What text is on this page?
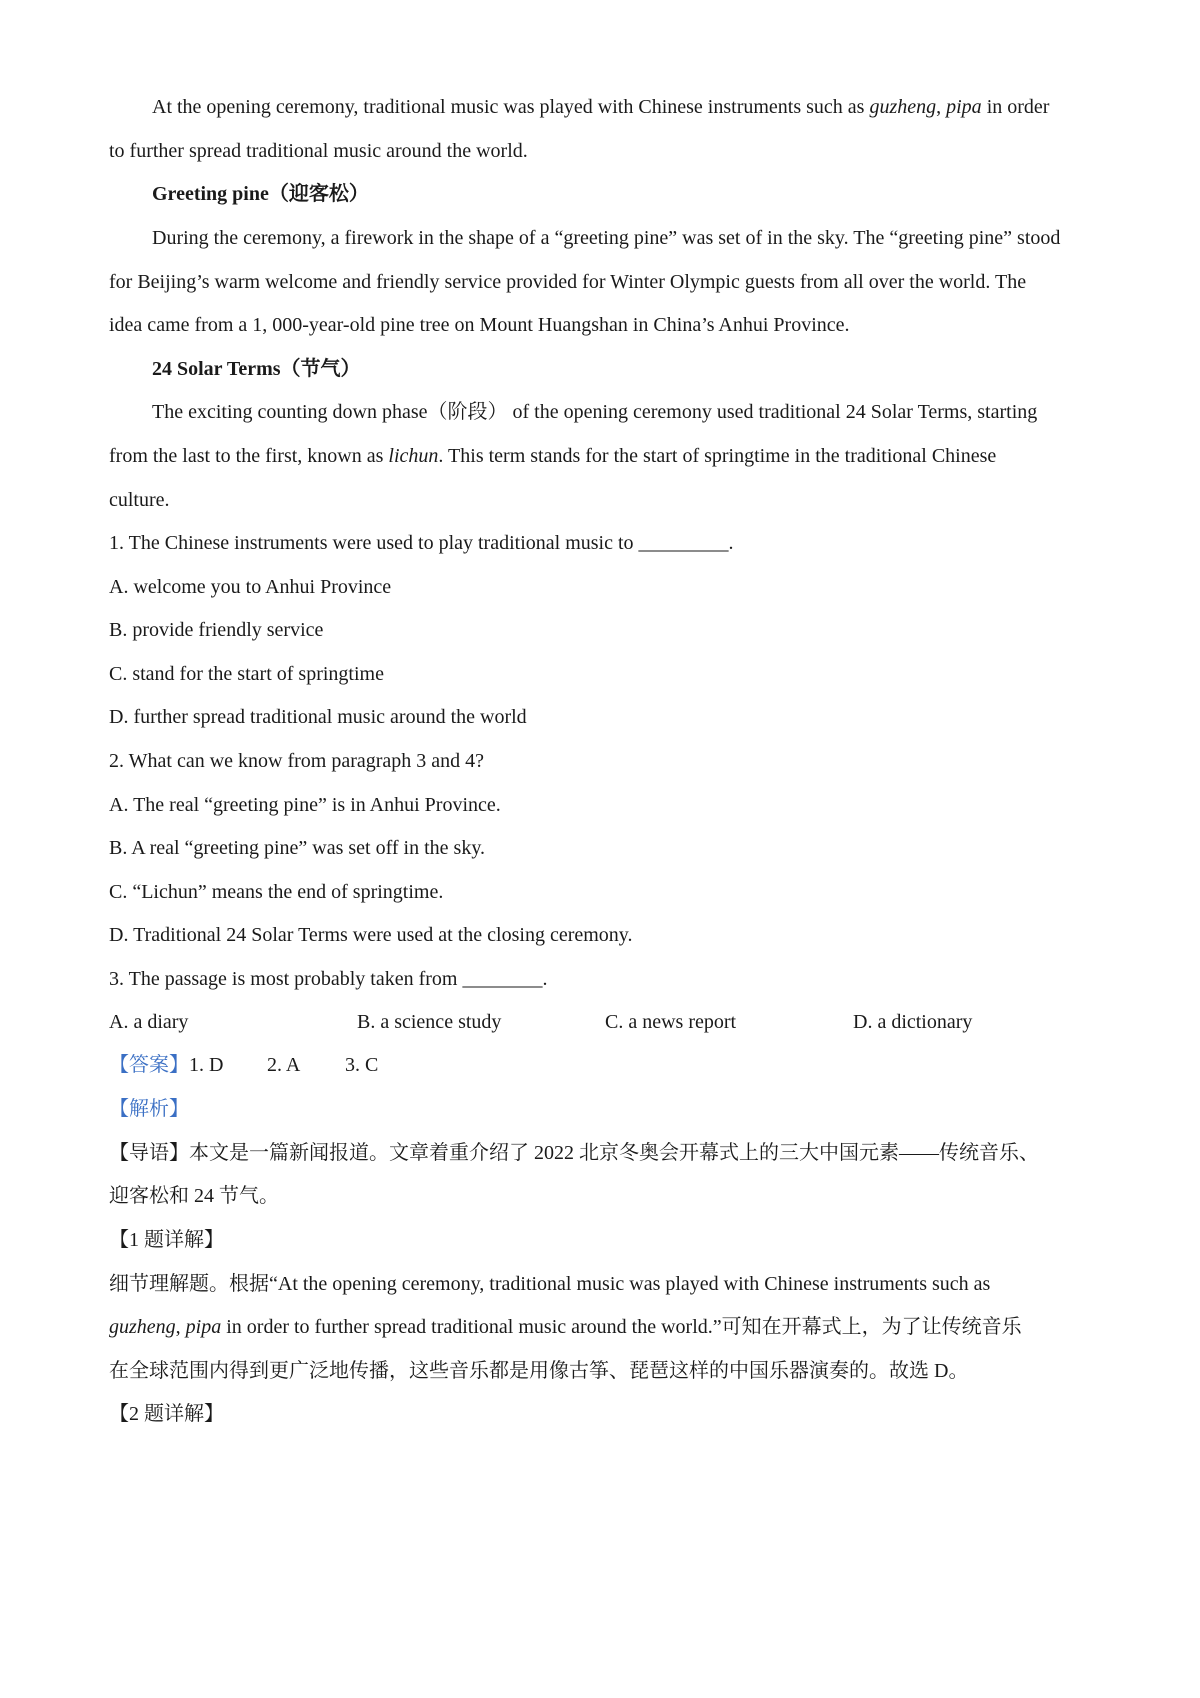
At the opening ceremony, traditional music was played with Chinese instruments such as guzheng, pipa in order
to further spread traditional music around the world.
Greeting pine（迎客松）
During the ceremony, a firework in the shape of a “greeting pine” was set of in the sky. The “greeting pine” stood
for Beijing’s warm welcome and friendly service provided for Winter Olympic guests from all over the world. The
idea came from a 1, 000-year-old pine tree on Mount Huangshan in China’s Anhui Province.
24 Solar Terms（节气）
The exciting counting down phase（阶段） of the opening ceremony used traditional 24 Solar Terms, starting
from the last to the first, known as lichun. This term stands for the start of springtime in the traditional Chinese
culture.
1. The Chinese instruments were used to play traditional music to _________.
A. welcome you to Anhui Province
B. provide friendly service
C. stand for the start of springtime
D. further spread traditional music around the world
2. What can we know from paragraph 3 and 4?
A. The real “greeting pine” is in Anhui Province.
B. A real “greeting pine” was set off in the sky.
C. “Lichun” means the end of springtime.
D. Traditional 24 Solar Terms were used at the closing ceremony.
3. The passage is most probably taken from ________.
A. a diary	B. a science study	C. a news report	D. a dictionary
【答案】1. D 2. A 3. C
【解析】
【导语】本文是一篇新闻报道。文章着重介绍了 2022 北京冬奥会开幕式上的三大中国元素——传统音乐、
迎客松和 24 节气。
【1 题详解】
细节理解题。根据“At the opening ceremony, traditional music was played with Chinese instruments such as
guzheng, pipa in order to further spread traditional music around the world.”可知在开幕式上，为了让传统音乐
在全球范围内得到更广泛地传播，这些音乐都是用像古筝、琵琶这样的中国乐器演奏的。故选 D。
【2 题详解】
